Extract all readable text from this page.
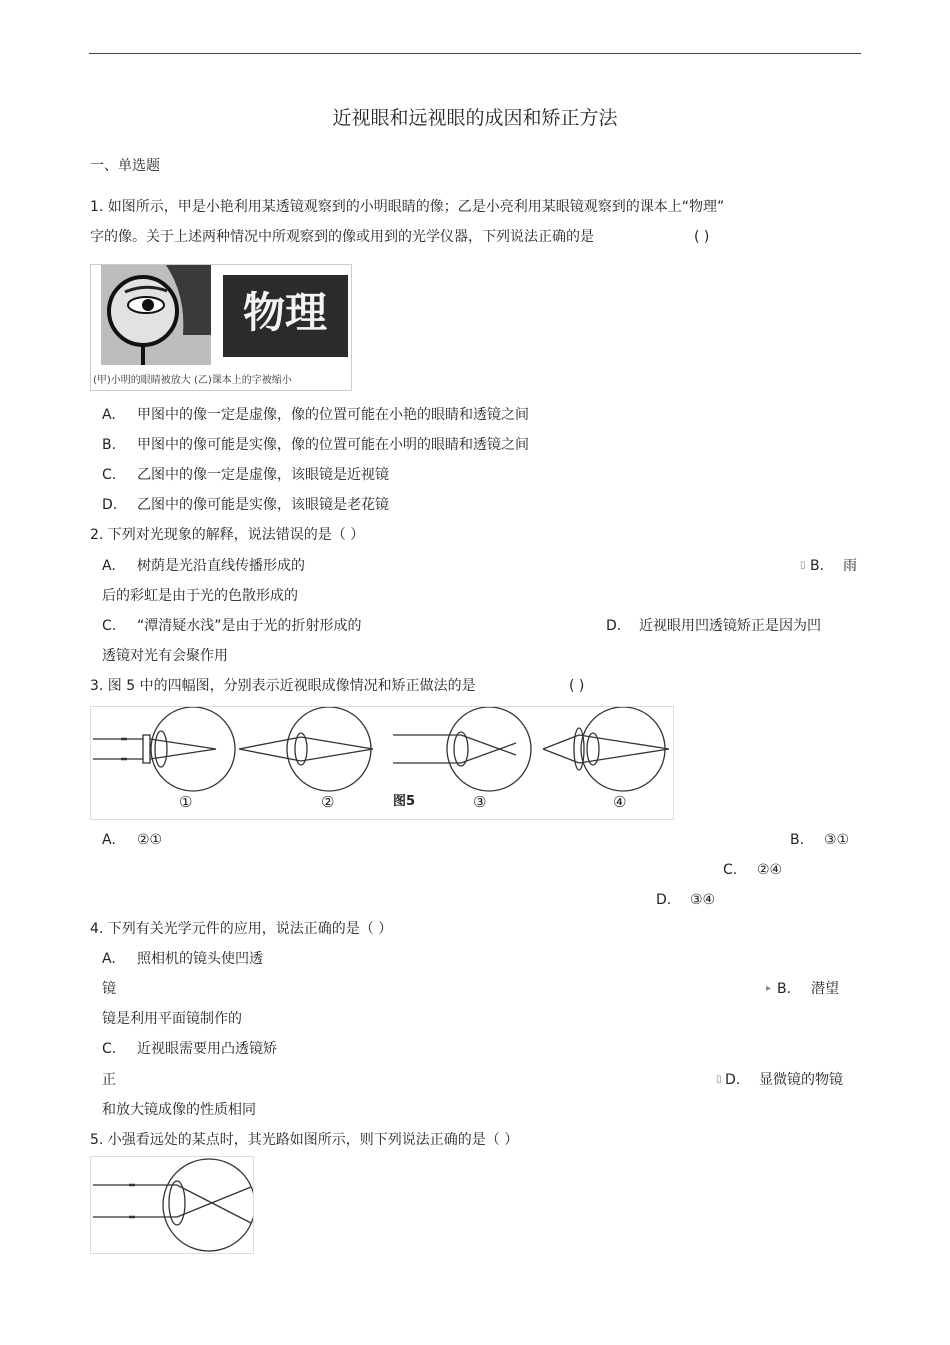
近视眼和远视眼的成因和矫正方法
一、单选题
1. 如图所示，甲是小艳利用某透镜观察到的小明眼睛的像；乙是小亮利用某眼镜观察到的课本上“物理”
字的像。关于上述两种情况中所观察到的像或用到的光学仪器，下列说法正确的是	( )
物理
(甲)小明的眼睛被放大 (乙)课本上的字被缩小
A. 甲图中的像一定是虚像，像的位置可能在小艳的眼睛和透镜之间
B. 甲图中的像可能是实像，像的位置可能在小明的眼睛和透镜之间
C. 乙图中的像一定是虚像，该眼镜是近视镜
D. 乙图中的像可能是实像，该眼镜是老花镜
2. 下列对光现象的解释，说法错误的是（ ）
A. 树荫是光沿直线传播形成的	▯ B. 雨
后的彩虹是由于光的色散形成的
C. “潭清疑水浅”是由于光的折射形成的	D. 近视眼用凹透镜矫正是因为凹
透镜对光有会聚作用
3. 图 5 中的四幅图，分别表示近视眼成像情况和矫正做法的是	( )
①	②	图5	③	④
A. ②①	B. ③①
C. ②④
D. ③④
4. 下列有关光学元件的应用，说法正确的是（ ）
A. 照相机的镜头使凹透
镜	▸ B. 潜望
镜是利用平面镜制作的
C. 近视眼需要用凸透镜矫
正	▯ D. 显微镜的物镜
和放大镜成像的性质相同
5. 小强看远处的某点时，其光路如图所示，则下列说法正确的是（ ）
